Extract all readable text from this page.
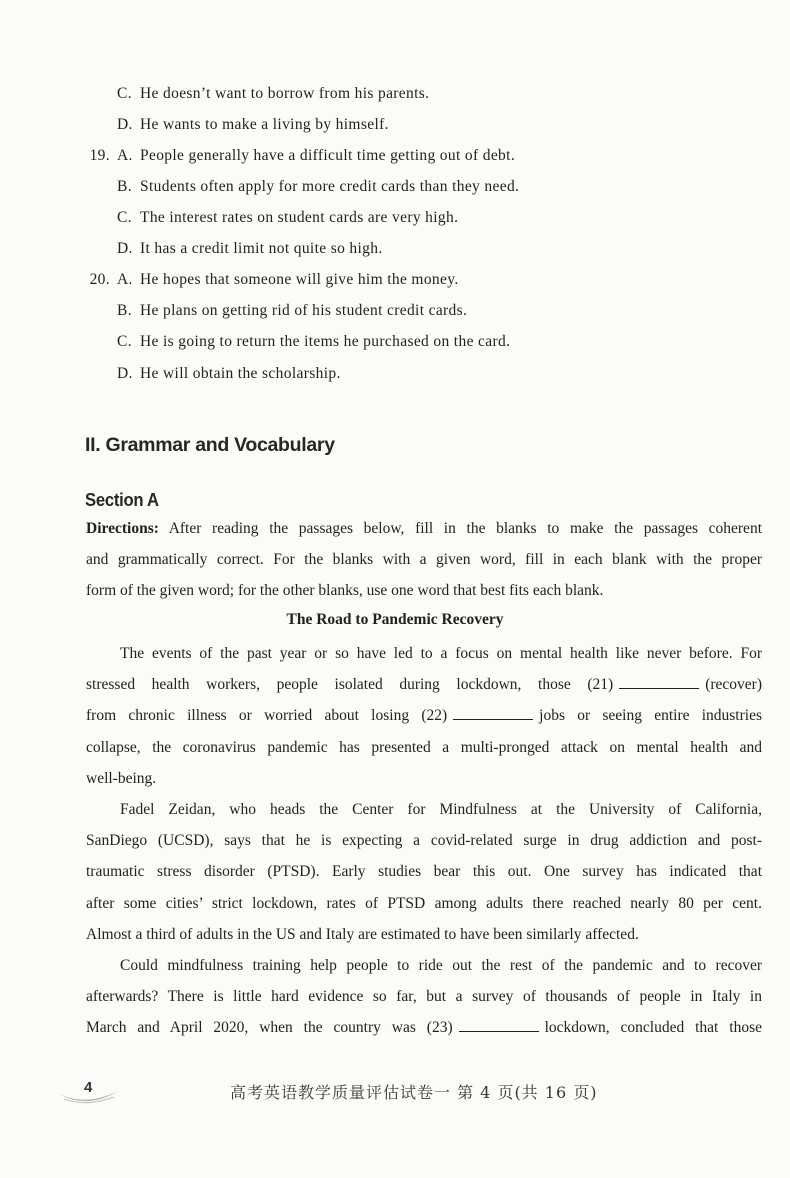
C. He doesn’t want to borrow from his parents.
D. He wants to make a living by himself.
19. A. People generally have a difficult time getting out of debt.
B. Students often apply for more credit cards than they need.
C. The interest rates on student cards are very high.
D. It has a credit limit not quite so high.
20. A. He hopes that someone will give him the money.
B. He plans on getting rid of his student credit cards.
C. He is going to return the items he purchased on the card.
D. He will obtain the scholarship.
II. Grammar and Vocabulary
Section A
Directions: After reading the passages below, fill in the blanks to make the passages coherent
and grammatically correct. For the blanks with a given word, fill in each blank with the proper
form of the given word; for the other blanks, use one word that best fits each blank.
The Road to Pandemic Recovery
The events of the past year or so have led to a focus on mental health like never before. For
stressed health workers, people isolated during lockdown, those (21)	(recover)
from chronic illness or worried about losing (22)	jobs or seeing entire industries
collapse, the coronavirus pandemic has presented a multi-pronged attack on mental health and
well-being.
Fadel Zeidan, who heads the Center for Mindfulness at the University of California,
SanDiego (UCSD), says that he is expecting a covid-related surge in drug addiction and post-
traumatic stress disorder (PTSD). Early studies bear this out. One survey has indicated that
after some cities’ strict lockdown, rates of PTSD among adults there reached nearly 80 per cent.
Almost a third of adults in the US and Italy are estimated to have been similarly affected.
Could mindfulness training help people to ride out the rest of the pandemic and to recover
afterwards? There is little hard evidence so far, but a survey of thousands of people in Italy in
March and April 2020, when the country was (23)	lockdown, concluded that those
4	高考英语教学质量评估试卷一 第 4 页(共 16 页)
